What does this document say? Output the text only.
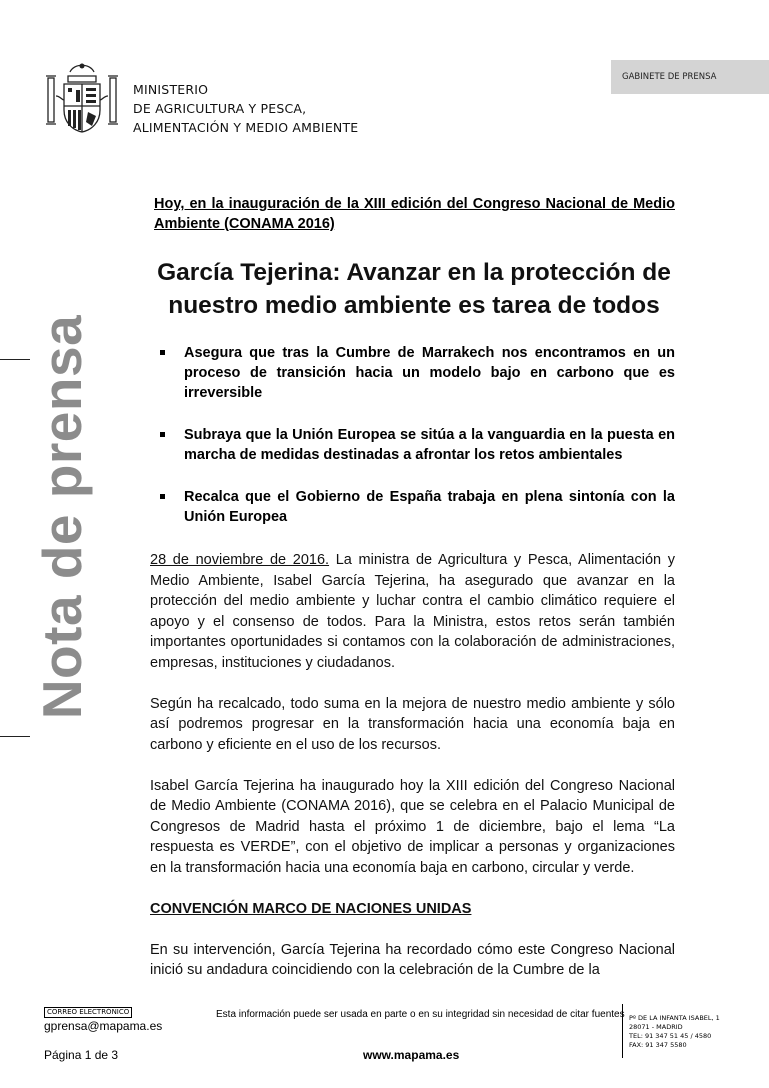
MINISTERIO
DE AGRICULTURA Y PESCA,
ALIMENTACIÓN Y MEDIO AMBIENTE
GABINETE DE PRENSA
Nota de prensa
Hoy, en la inauguración de la XIII edición del Congreso Nacional de Medio Ambiente (CONAMA 2016)
García Tejerina: Avanzar en la protección de nuestro medio ambiente es tarea de todos
Asegura que tras la Cumbre de Marrakech nos encontramos en un proceso de transición hacia un modelo bajo en carbono que es irreversible
Subraya que la Unión Europea se sitúa a la vanguardia en la puesta en marcha de medidas destinadas a afrontar los retos ambientales
Recalca que el Gobierno de España trabaja en plena sintonía con la Unión Europea

28 de noviembre de 2016. La ministra de Agricultura y Pesca, Alimentación y Medio Ambiente, Isabel García Tejerina, ha asegurado que avanzar en la protección del medio ambiente y luchar contra el cambio climático requiere el apoyo y el consenso de todos. Para la Ministra, estos retos serán también importantes oportunidades si contamos con la colaboración de administraciones, empresas, instituciones y ciudadanos.

Según ha recalcado, todo suma en la mejora de nuestro medio ambiente y sólo así podremos progresar en la transformación hacia una economía baja en carbono y eficiente en el uso de los recursos.

Isabel García Tejerina ha inaugurado hoy la XIII edición del Congreso Nacional de Medio Ambiente (CONAMA 2016), que se celebra en el Palacio Municipal de Congresos de Madrid hasta el próximo 1 de diciembre, bajo el lema “La respuesta es VERDE”, con el objetivo de implicar a personas y organizaciones en la transformación hacia una economía baja en carbono, circular y verde.

CONVENCIÓN MARCO DE NACIONES UNIDAS

En su intervención, García Tejerina ha recordado cómo este Congreso Nacional inició su andadura coincidiendo con la celebración de la Cumbre de la

CORREO ELECTRÓNICO
gprensa@mapama.es
Esta información puede ser usada en parte o en su integridad sin necesidad de citar fuentes Pº DE LA INFANTA ISABEL, 1
28071 - MADRID
TEL: 91 347 51 45 / 4580
FAX: 91 347 5580
Página 1 de 3	www.mapama.es
